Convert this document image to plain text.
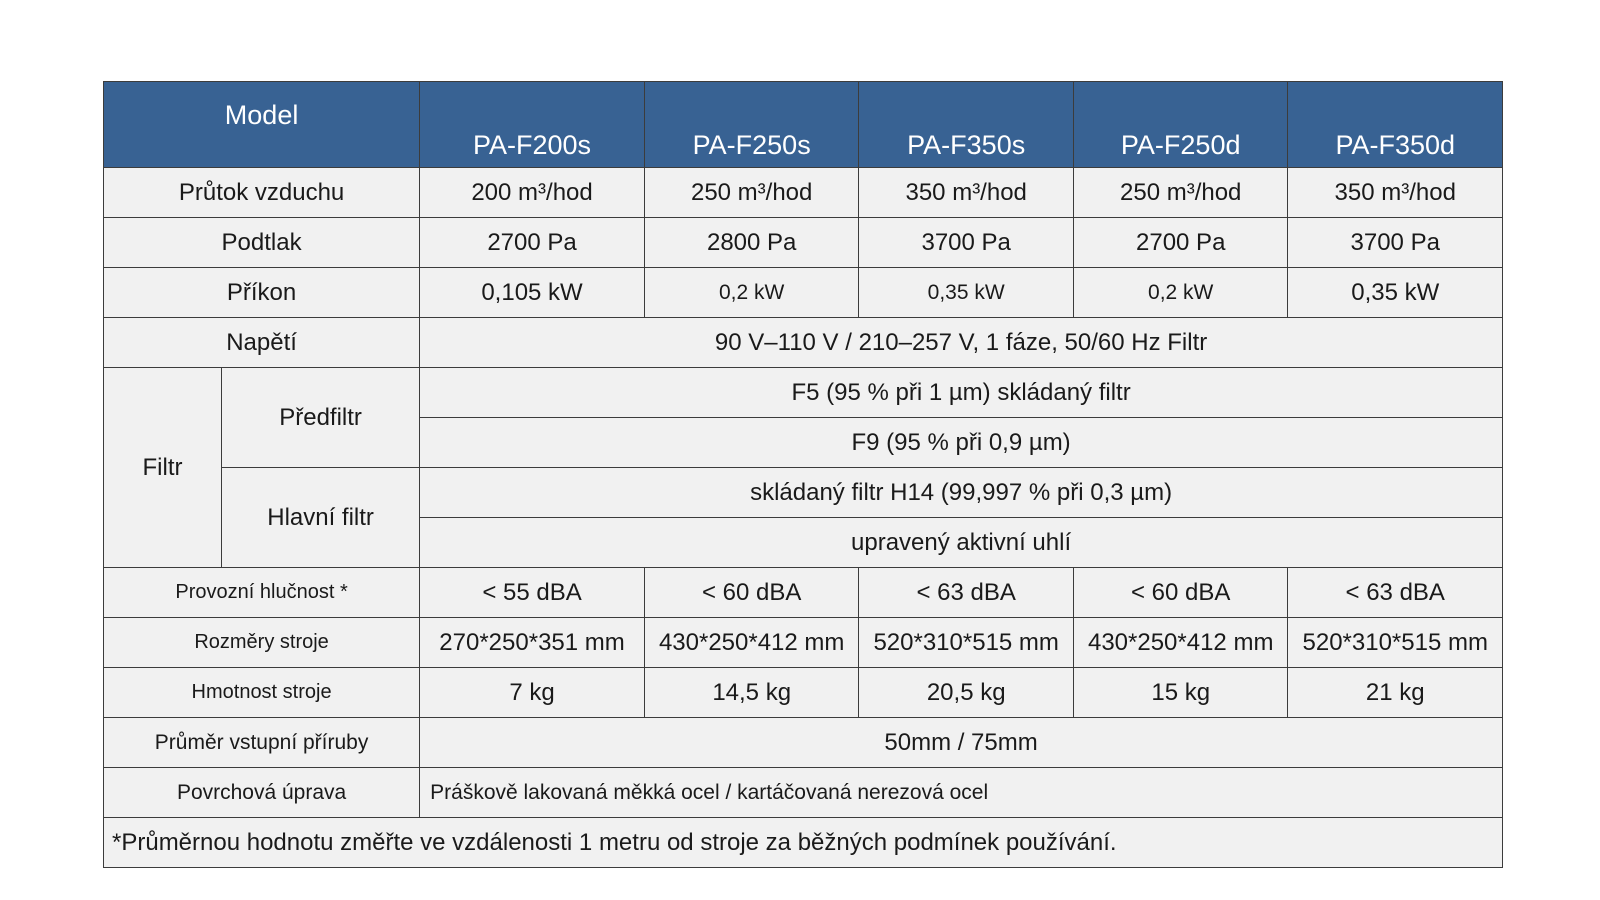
Model		PA-F200s	PA-F250s	PA-F350s	PA-F250d	PA-F350d
Průtok vzduchu		200 m³/hod	250 m³/hod	350 m³/hod	250 m³/hod	350 m³/hod
Podtlak		2700 Pa	2800 Pa	3700 Pa	2700 Pa	3700 Pa
Příkon		0,105 kW	0,2 kW	0,35 kW	0,2 kW	0,35 kW
Napětí		90 V–110 V / 210–257 V, 1 fáze, 50/60 Hz Filtr				
Filtr	Předfiltr	F5 (95 % při 1 µm) skládaný filtr				
		F9 (95 % při 0,9 µm)				
	Hlavní filtr	skládaný filtr H14 (99,997 % při 0,3 µm)				
		upravený aktivní uhlí				
Provozní hlučnost *		< 55 dBA	< 60 dBA	< 63 dBA	< 60 dBA	< 63 dBA
Rozměry stroje		270*250*351 mm	430*250*412 mm	520*310*515 mm	430*250*412 mm	520*310*515 mm
Hmotnost stroje		7 kg	14,5 kg	20,5 kg	15 kg	21 kg
Průměr vstupní příruby		50mm / 75mm				
Povrchová úprava		Práškově lakovaná měkká ocel / kartáčovaná nerezová ocel				
*Průměrnou hodnotu změřte ve vzdálenosti 1 metru od stroje za běžných podmínek používání.						
